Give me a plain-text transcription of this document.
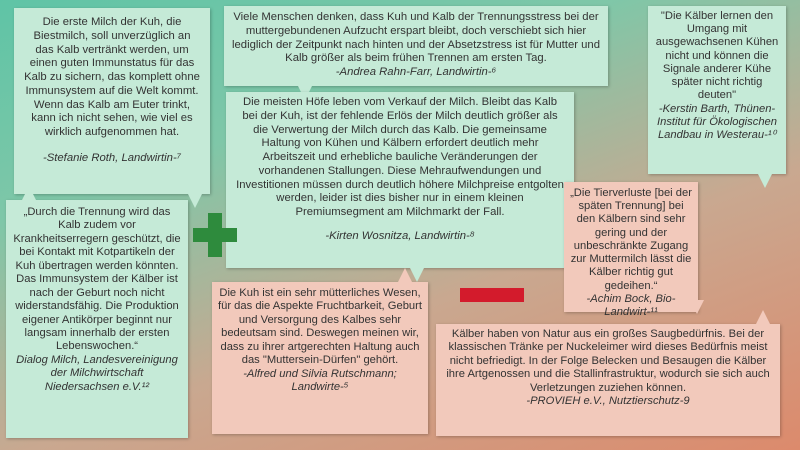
Die erste Milch der Kuh, die Biestmilch, soll unverzüglich an das Kalb vertränkt werden, um einen guten Immunstatus für das Kalb zu sichern, das komplett ohne Immunsystem auf die Welt kommt. Wenn das Kalb am Euter trinkt, kann ich nicht sehen, wie viel es wirklich aufgenommen hat.

-Stefanie Roth, Landwirtin-⁷

Viele Menschen denken, dass Kuh und Kalb der Trennungsstress bei der muttergebundenen Aufzucht erspart bleibt, doch verschiebt sich hier lediglich der Zeitpunkt nach hinten und der Absetzstress ist für Mutter und Kalb größer als beim frühen Trennen am ersten Tag.

-Andrea Rahn-Farr, Landwirtin-⁶

"Die Kälber lernen den Umgang mit ausgewachsenen Kühen nicht und können die Signale anderer Kühe später nicht richtig deuten"

-Kerstin Barth, Thünen-Institut für Ökologischen Landbau in Westerau-¹⁰

Die meisten Höfe leben vom Verkauf der Milch. Bleibt das Kalb bei der Kuh, ist der fehlende Erlös der Milch deutlich größer als die Verwertung der Milch durch das Kalb. Die gemeinsame Haltung von Kühen und Kälbern erfordert deutlich mehr Arbeitszeit und erhebliche bauliche Veränderungen der vorhandenen Stallungen. Diese Mehraufwendungen und Investitionen müssen durch deutlich höhere Milchpreise entgolten werden, leider ist dies bisher nur in einem kleinen Premiumsegment am Milchmarkt der Fall.

-Kirten Wosnitza, Landwirtin-⁸

„Durch die Trennung wird das Kalb zudem vor Krankheitserregern geschützt, die bei Kontakt mit Kotpartikeln der Kuh übertragen werden könnten. Das Immunsystem der Kälber ist nach der Geburt noch nicht widerstandsfähig. Die Produktion eigener Antikörper beginnt nur langsam innerhalb der ersten Lebenswochen.“

Dialog Milch, Landesvereinigung der Milchwirtschaft Niedersachsen e.V.¹²

„Die Tierverluste [bei der späten Trennung] bei den Kälbern sind sehr gering und der unbeschränkte Zugang zur Muttermilch lässt die Kälber richtig gut gedeihen.“

-Achim Bock, Bio-Landwirt-¹¹

Die Kuh ist ein sehr mütterliches Wesen, für das die Aspekte Fruchtbarkeit, Geburt und Versorgung des Kalbes sehr bedeutsam sind. Deswegen meinen wir, dass zu ihrer artgerechten Haltung auch das "Muttersein-Dürfen" gehört.

-Alfred und Silvia Rutschmann; Landwirte-⁵

Kälber haben von Natur aus ein großes Saugbedürfnis. Bei der klassischen Tränke per Nuckeleimer wird dieses Bedürfnis meist nicht befriedigt. In der Folge Belecken und Besaugen die Kälber ihre Artgenossen und die Stallinfrastruktur, wodurch sie sich auch Verletzungen zuziehen können.

-PROVIEH e.V., Nutztierschutz-9
